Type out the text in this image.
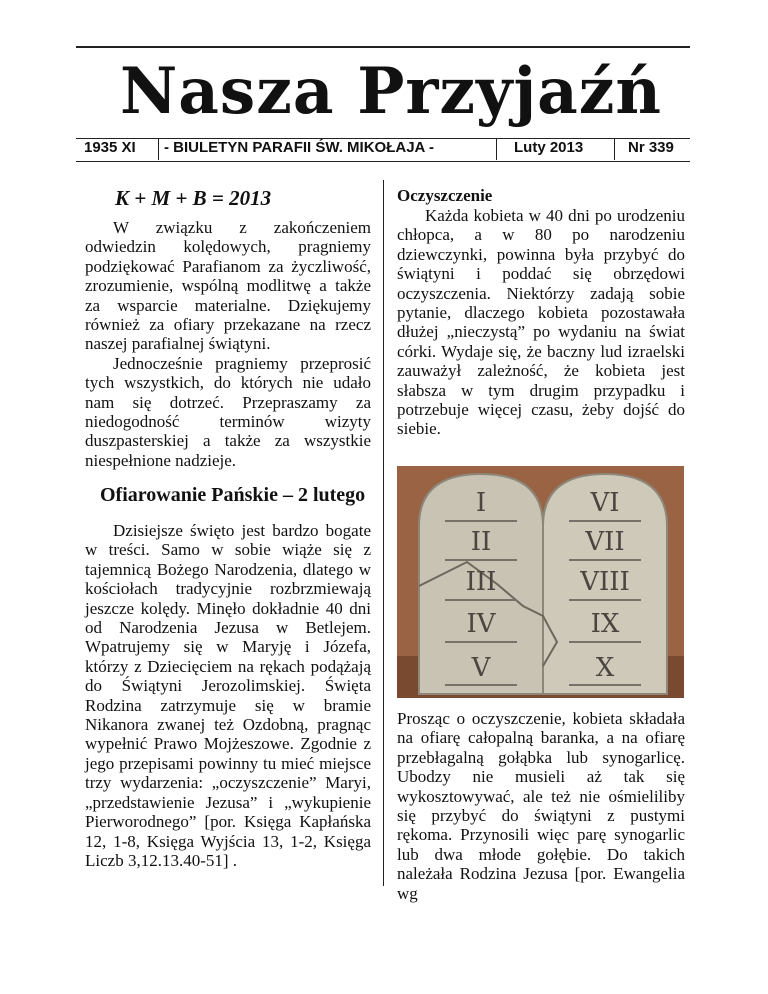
Nasza Przyjaźń
1935 XI - BIULETYN PARAFII ŚW. MIKOŁAJA -	Luty 2013	Nr 339
K + M + B = 2013

W związku z zakończeniem odwiedzin kolędowych, pragniemy podziękować Parafianom za życzliwość, zrozumienie, wspólną modlitwę a także za wsparcie materialne. Dziękujemy również za ofiary przekazane na rzecz naszej parafialnej świątyni.

Jednocześnie pragniemy przeprosić tych wszystkich, do których nie udało nam się dotrzeć. Przepraszamy za niedogodność terminów wizyty duszpasterskiej a także za wszystkie niespełnione nadzieje.

Ofiarowanie Pańskie – 2 lutego

Dzisiejsze święto jest bardzo bogate w treści. Samo w sobie wiąże się z tajemnicą Bożego Narodzenia, dlatego w kościołach tradycyjnie rozbrzmiewają jeszcze kolędy. Minęło dokładnie 40 dni od Narodzenia Jezusa w Betlejem. Wpatrujemy się w Maryję i Józefa, którzy z Dziecięciem na rękach podążają do Świątyni Jerozolimskiej. Święta Rodzina zatrzymuje się w bramie Nikanora zwanej też Ozdobną, pragnąc wypełnić Prawo Mojżeszowe. Zgodnie z jego przepisami powinny tu mieć miejsce trzy wydarzenia: „oczyszczenie” Maryi, „przedstawienie Jezusa” i „wykupienie Pierworodnego” [por. Księga Kapłańska 12, 1-8, Księga Wyjścia 13, 1-2, Księga Liczb 3,12.13.40-51] .

Oczyszczenie

Każda kobieta w 40 dni po urodzeniu chłopca, a w 80 po narodzeniu dziewczynki, powinna była przybyć do świątyni i poddać się obrzędowi oczyszczenia. Niektórzy zadają sobie pytanie, dlaczego kobieta pozostawała dłużej „nieczystą” po wydaniu na świat córki. Wydaje się, że baczny lud izraelski zauważył zależność, że kobieta jest słabsza w tym drugim przypadku i potrzebuje więcej czasu, żeby dojść do siebie.

I
II
III
IV
V
VI
VII
VIII
IX
X

Prosząc o oczyszczenie, kobieta składała na ofiarę całopalną baranka, a na ofiarę przebłagalną gołąbka lub synogarlicę. Ubodzy nie musieli aż tak się wykosztowywać, ale też nie ośmieliliby się przybyć do świątyni z pustymi rękoma. Przynosili więc parę synogarlic lub dwa młode gołębie. Do takich należała Rodzina Jezusa [por. Ewangelia wg
